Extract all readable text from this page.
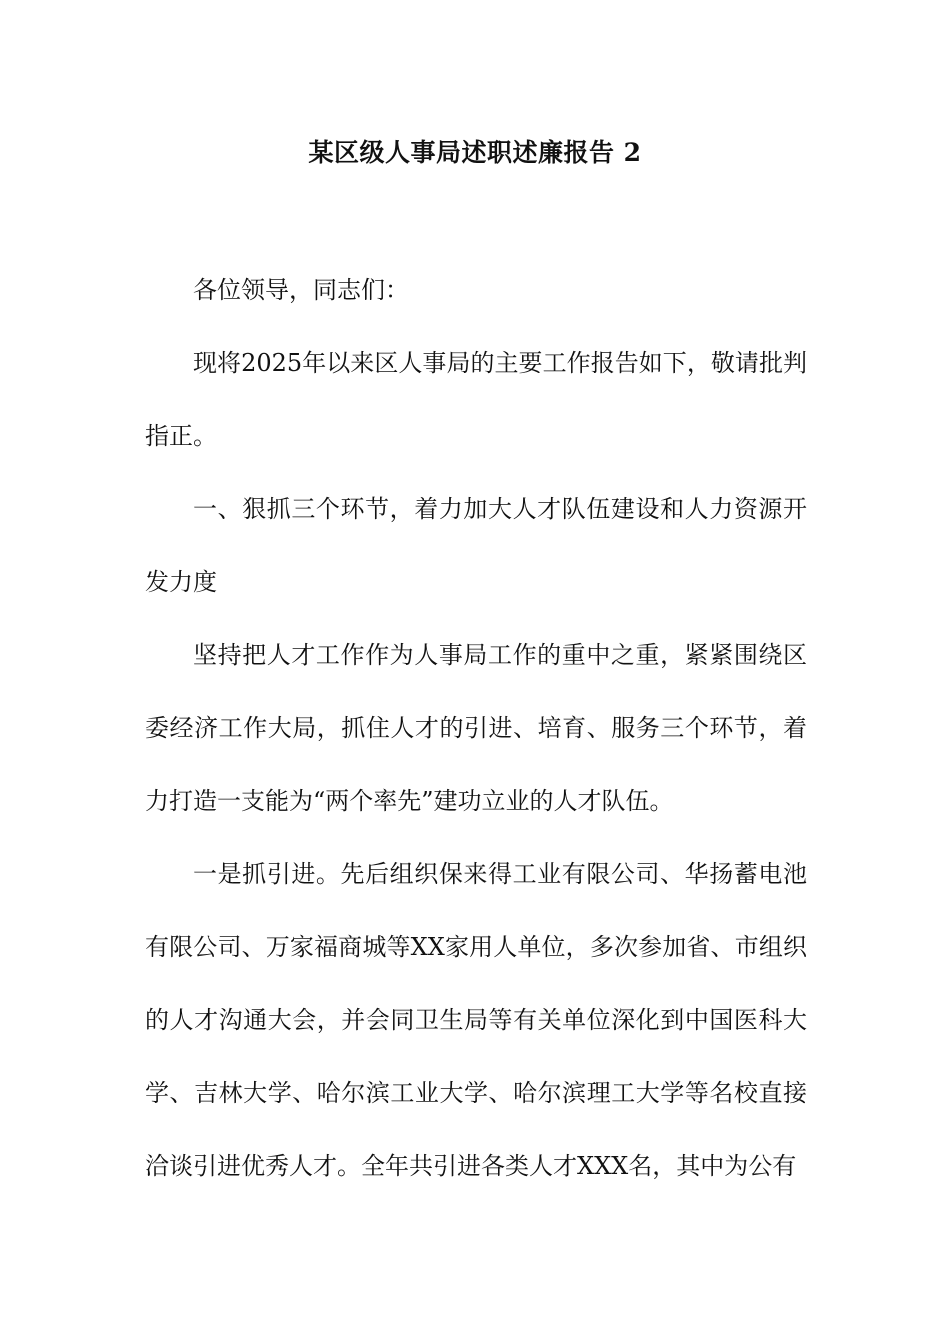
某区级人事局述职述廉报告 2

各位领导，同志们：

现将2025年以来区人事局的主要工作报告如下，敬请批判指正。

一、狠抓三个环节，着力加大人才队伍建设和人力资源开发力度

坚持把人才工作作为人事局工作的重中之重，紧紧围绕区委经济工作大局，抓住人才的引进、培育、服务三个环节，着力打造一支能为“两个率先”建功立业的人才队伍。

一是抓引进。先后组织保来得工业有限公司、华扬蓄电池有限公司、万家福商城等XX家用人单位，多次参加省、市组织的人才沟通大会，并会同卫生局等有关单位深化到中国医科大学、吉林大学、哈尔滨工业大学、哈尔滨理工大学等名校直接洽谈引进优秀人才。全年共引进各类人才XXX名，其中为公有
